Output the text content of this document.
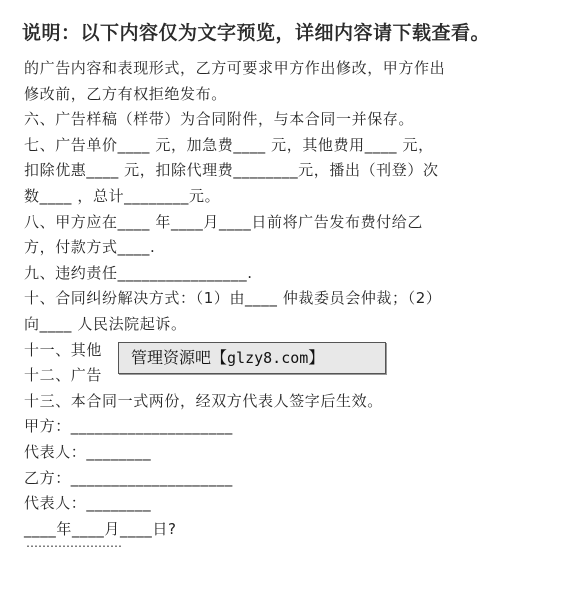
说明：以下内容仅为文字预览，详细内容请下载查看。
的广告内容和表现形式，乙方可要求甲方作出修改，甲方作出
修改前，乙方有权拒绝发布。
六、广告样稿（样带）为合同附件，与本合同一并保存。
七、广告单价____ 元，加急费____ 元，其他费用____ 元，
扣除优惠____ 元，扣除代理费________元，播出（刊登）次
数____ ，总计________元。
八、甲方应在____ 年____月____日前将广告发布费付给乙
方，付款方式____.
九、违约责任________________.
十、合同纠纷解决方式：（1）由____ 仲裁委员会仲裁；（2）
向____ 人民法院起诉。
十一、其他
十二、广告
十三、本合同一式两份，经双方代表人签字后生效。
甲方：____________________
代表人：________
乙方：____________________
代表人：________
____年____月____日?
……………………
管理资源吧【glzy8.com】
